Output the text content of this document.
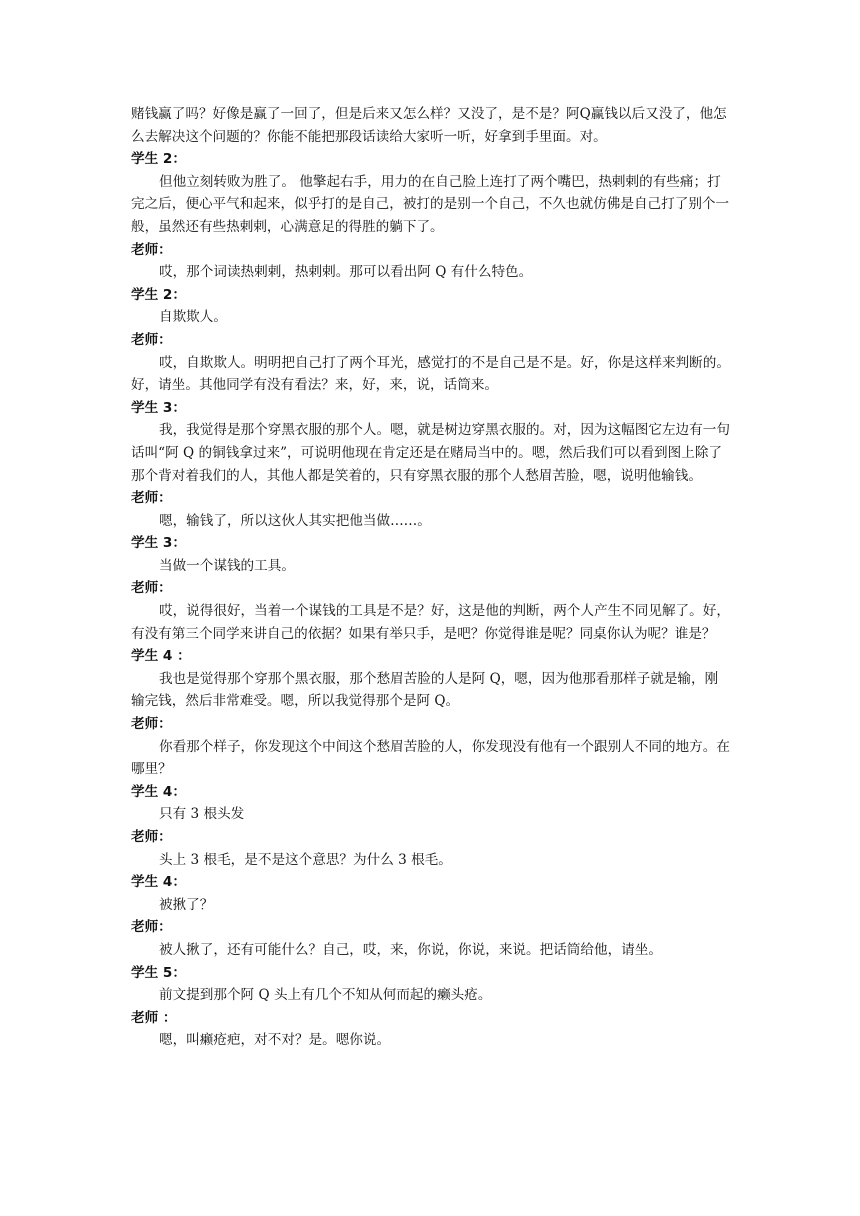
赌钱赢了吗？好像是赢了一回了，但是后来又怎么样？又没了，是不是？阿Q赢钱以后又没了，他怎么去解决这个问题的？你能不能把那段话读给大家听一听，好拿到手里面。对。

学生 2：

但他立刻转败为胜了。 他擎起右手，用力的在自己脸上连打了两个嘴巴，热剌剌的有些痛；打完之后，便心平气和起来，似乎打的是自己，被打的是别一个自己，不久也就仿佛是自己打了别个一般，虽然还有些热剌剌，心满意足的得胜的躺下了。

老师：

哎，那个词读热剌剌，热剌剌。那可以看出阿 Q 有什么特色。

学生 2：

自欺欺人。

老师：

哎，自欺欺人。明明把自己打了两个耳光，感觉打的不是自己是不是。好，你是这样来判断的。好，请坐。其他同学有没有看法？来，好，来，说，话筒来。

学生 3：

我，我觉得是那个穿黑衣服的那个人。嗯，就是树边穿黑衣服的。对，因为这幅图它左边有一句话叫“阿 Q 的铜钱拿过来”，可说明他现在肯定还是在赌局当中的。嗯，然后我们可以看到图上除了那个背对着我们的人，其他人都是笑着的，只有穿黑衣服的那个人愁眉苦脸，嗯，说明他输钱。

老师：

嗯，输钱了，所以这伙人其实把他当做……。

学生 3：

当做一个谋钱的工具。

老师：

哎，说得很好，当着一个谋钱的工具是不是？好，这是他的判断，两个人产生不同见解了。好，有没有第三个同学来讲自己的依据？如果有举只手，是吧？你觉得谁是呢？同桌你认为呢？谁是？

学生 4 ：

我也是觉得那个穿那个黑衣服，那个愁眉苦脸的人是阿 Q，嗯，因为他那看那样子就是输，刚输完钱，然后非常难受。嗯，所以我觉得那个是阿 Q。

老师：

你看那个样子，你发现这个中间这个愁眉苦脸的人，你发现没有他有一个跟别人不同的地方。在哪里？

学生 4：

只有 3 根头发

老师：

头上 3 根毛，是不是这个意思？为什么 3 根毛。

学生 4：

被揪了？

老师：

被人揪了，还有可能什么？自己，哎，来，你说，你说，来说。把话筒给他，请坐。

学生 5：

前文提到那个阿 Q 头上有几个不知从何而起的癞头疮。

老师 ：

嗯，叫癞疮疤，对不对？是。嗯你说。
